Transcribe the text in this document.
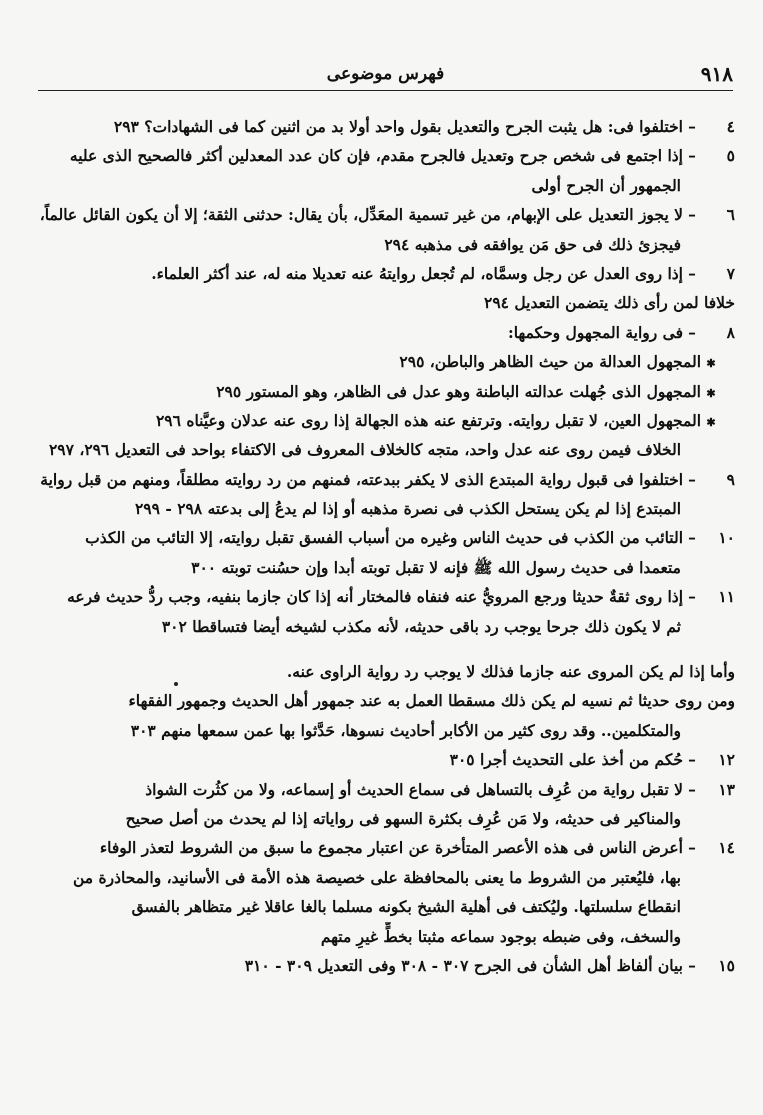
٩١٨
فهرس موضوعى
٤–اختلفوا فى: هل يثبت الجرح والتعديل بقول واحد أولا بد من اثنين كما فى الشهادات؟ ٢٩٣
٥–إذا اجتمع فى شخص جرح وتعديل فالجرح مقدم، فإن كان عدد المعدلين أكثر فالصحيح الذى عليه
الجمهور أن الجرح أولى
٦–لا يجوز التعديل على الإبهام، من غير تسمية المعَدِّل، بأن يقال: حدثنى الثقة؛ إلا أن يكون القائل عالماً،
فيجزئ ذلك فى حق مَن يوافقه فى مذهبه ٢٩٤
٧–إذا روى العدل عن رجل وسمَّاه، لم تُجعل روايتهُ عنه تعديلا منه له، عند أكثر العلماء.
خلافا لمن رأى ذلك يتضمن التعديل ٢٩٤
٨–فى رواية المجهول وحكمها:
✱المجهول العدالة من حيث الظاهر والباطن، ٢٩٥
✱المجهول الذى جُهلت عدالته الباطنة وهو عدل فى الظاهر، وهو المستور ٢٩٥
✱المجهول العين، لا تقبل روايته. وترتفع عنه هذه الجهالة إذا روى عنه عدلان وعيَّناه ٢٩٦
الخلاف فيمن روى عنه عدل واحد، متجه كالخلاف المعروف فى الاكتفاء بواحد فى التعديل ٢٩٦، ٢٩٧
٩–اختلفوا فى قبول رواية المبتدع الذى لا يكفر ببدعته، فمنهم من رد روايته مطلقاً، ومنهم من قبل رواية
المبتدع إذا لم يكن يستحل الكذب فى نصرة مذهبه أو إذا لم يدعُ إلى بدعته ٢٩٨ - ٢٩٩
١٠–التائب من الكذب فى حديث الناس وغيره من أسباب الفسق تقبل روايته، إلا التائب من الكذب
متعمدا فى حديث رسول الله ﷺ فإنه لا تقبل توبته أبدا وإن حسُنت توبته ٣٠٠
١١–إذا روى ثقةٌ حديثا ورجع المرويُّ عنه فنفاه فالمختار أنه إذا كان جازما بنفيه، وجب ردُّ حديث فرعه
ثم لا يكون ذلك جرحا يوجب رد باقى حديثه، لأنه مكذب لشيخه أيضا فتساقطا ٣٠٢
وأما إذا لم يكن المروى عنه جازما فذلك لا يوجب رد رواية الراوى عنه.
ومن روى حديثا ثم نسيه لم يكن ذلك مسقطا العمل به عند جمهور أهل الحديث وجمهور الفقهاء
والمتكلمين.. وقد روى كثير من الأكابر أحاديث نسوها، حَدَّثوا بها عمن سمعها منهم ٣٠٣
١٢–حُكم من أخذ على التحديث أجرا ٣٠٥
١٣–لا تقبل رواية من عُرِف بالتساهل فى سماع الحديث أو إسماعه، ولا من كثُرت الشواذ
والمناكير فى حديثه، ولا مَن عُرِف بكثرة السهو فى رواياته إذا لم يحدث من أصل صحيح
١٤–أعرض الناس فى هذه الأعصر المتأخرة عن اعتبار مجموع ما سبق من الشروط لتعذر الوفاء
بها، فليُعتبر من الشروط ما يعنى بالمحافظة على خصيصة هذه الأمة فى الأسانيد، والمحاذرة من
انقطاع سلسلتها. وليُكتف فى أهلية الشيخ بكونه مسلما بالغا عاقلا غير متظاهر بالفسق
والسخف، وفى ضبطه بوجود سماعه مثبتا بخطٍّ غيرِ متهم
١٥–بيان ألفاظ أهل الشأن فى الجرح ٣٠٧ - ٣٠٨ وفى التعديل ٣٠٩ - ٣١٠
